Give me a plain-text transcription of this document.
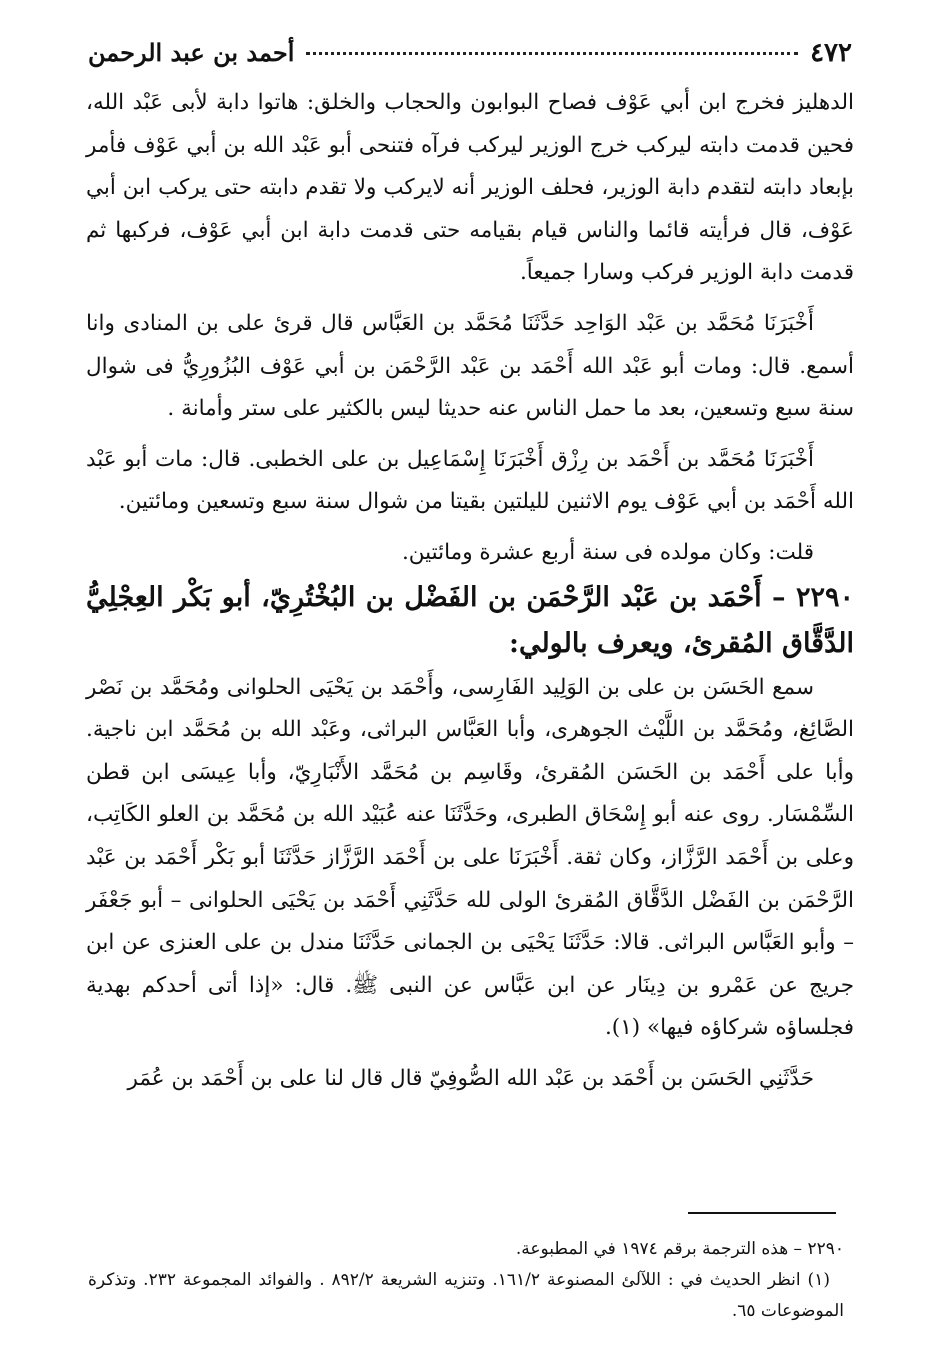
٤٧٢
أحمد بن عبد الرحمن

الدهليز فخرج ابن أبي عَوْف فصاح البوابون والحجاب والخلق: هاتوا دابة لأبى عَبْد الله، فحين قدمت دابته ليركب خرج الوزير ليركب فرآه فتنحى أبو عَبْد الله بن أبي عَوْف فأمر بإبعاد دابته لتقدم دابة الوزير، فحلف الوزير أنه لايركب ولا تقدم دابته حتى يركب ابن أبي عَوْف، قال فرأيته قائما والناس قيام بقيامه حتى قدمت دابة ابن أبي عَوْف، فركبها ثم قدمت دابة الوزير فركب وسارا جميعاً.

أَخْبَرَنَا مُحَمَّد بن عَبْد الوَاحِد حَدَّثَنَا مُحَمَّد بن العَبَّاس قال قرئ على بن المنادى وانا أسمع. قال: ومات أبو عَبْد الله أَحْمَد بن عَبْد الرَّحْمَن بن أبي عَوْف البُزُورِيُّ فى شوال سنة سبع وتسعين، بعد ما حمل الناس عنه حديثا ليس بالكثير على ستر وأمانة .

أَخْبَرَنَا مُحَمَّد بن أَحْمَد بن رِزْق أَخْبَرَنَا إِسْمَاعِيل بن على الخطبى. قال: مات أبو عَبْد الله أَحْمَد بن أبي عَوْف يوم الاثنين لليلتين بقيتا من شوال سنة سبع وتسعين ومائتين.

قلت: وكان مولده فى سنة أربع عشرة ومائتين.

٢٢٩٠ – أَحْمَد بن عَبْد الرَّحْمَن بن الفَضْل بن البُخْتُرِيّ، أبو بَكْر العِجْلِيُّ الدَّقَّاق المُقرئ، ويعرف بالولي:

سمع الحَسَن بن على بن الوَلِيد الفَارِسى، وأَحْمَد بن يَحْيَى الحلوانى ومُحَمَّد بن نَصْر الصَّائِغ، ومُحَمَّد بن اللَّيْث الجوهرى، وأبا العَبَّاس البراثى، وعَبْد الله بن مُحَمَّد ابن ناجية. وأبا على أَحْمَد بن الحَسَن المُقرئ، وقَاسِم بن مُحَمَّد الأَنْبَارِيّ، وأبا عِيسَى ابن قطن السِّمْسَار. روى عنه أبو إِسْحَاق الطبرى، وحَدَّثَنَا عنه عُبَيْد الله بن مُحَمَّد بن العلو الكَاتِب، وعلى بن أَحْمَد الرَّزَّاز، وكان ثقة. أَخْبَرَنَا على بن أَحْمَد الرَّزَّاز حَدَّثَنَا أبو بَكْر أَحْمَد بن عَبْد الرَّحْمَن بن الفَضْل الدَّقَّاق المُقرئ الولى لله حَدَّثَنِي أَحْمَد بن يَحْيَى الحلوانى – أبو جَعْفَر – وأبو العَبَّاس البراثى. قالا: حَدَّثَنَا يَحْيَى بن الجمانى حَدَّثَنَا مندل بن على العنزى عن ابن جريج عن عَمْرو بن دِينَار عن ابن عَبَّاس عن النبى ﷺ. قال: «إذا أتى أحدكم بهدية فجلساؤه شركاؤه فيها» (١).

حَدَّثَنِي الحَسَن بن أَحْمَد بن عَبْد الله الصُّوفِيّ قال قال لنا على بن أَحْمَد بن عُمَر

٢٢٩٠ – هذه الترجمة برقم ١٩٧٤ في المطبوعة.

(١) انظر الحديث في : اللآلئ المصنوعة ١٦١/٢. وتنزيه الشريعة ٨٩٢/٢ . والفوائد المجموعة ٢٣٢. وتذكرة الموضوعات ٦٥.
